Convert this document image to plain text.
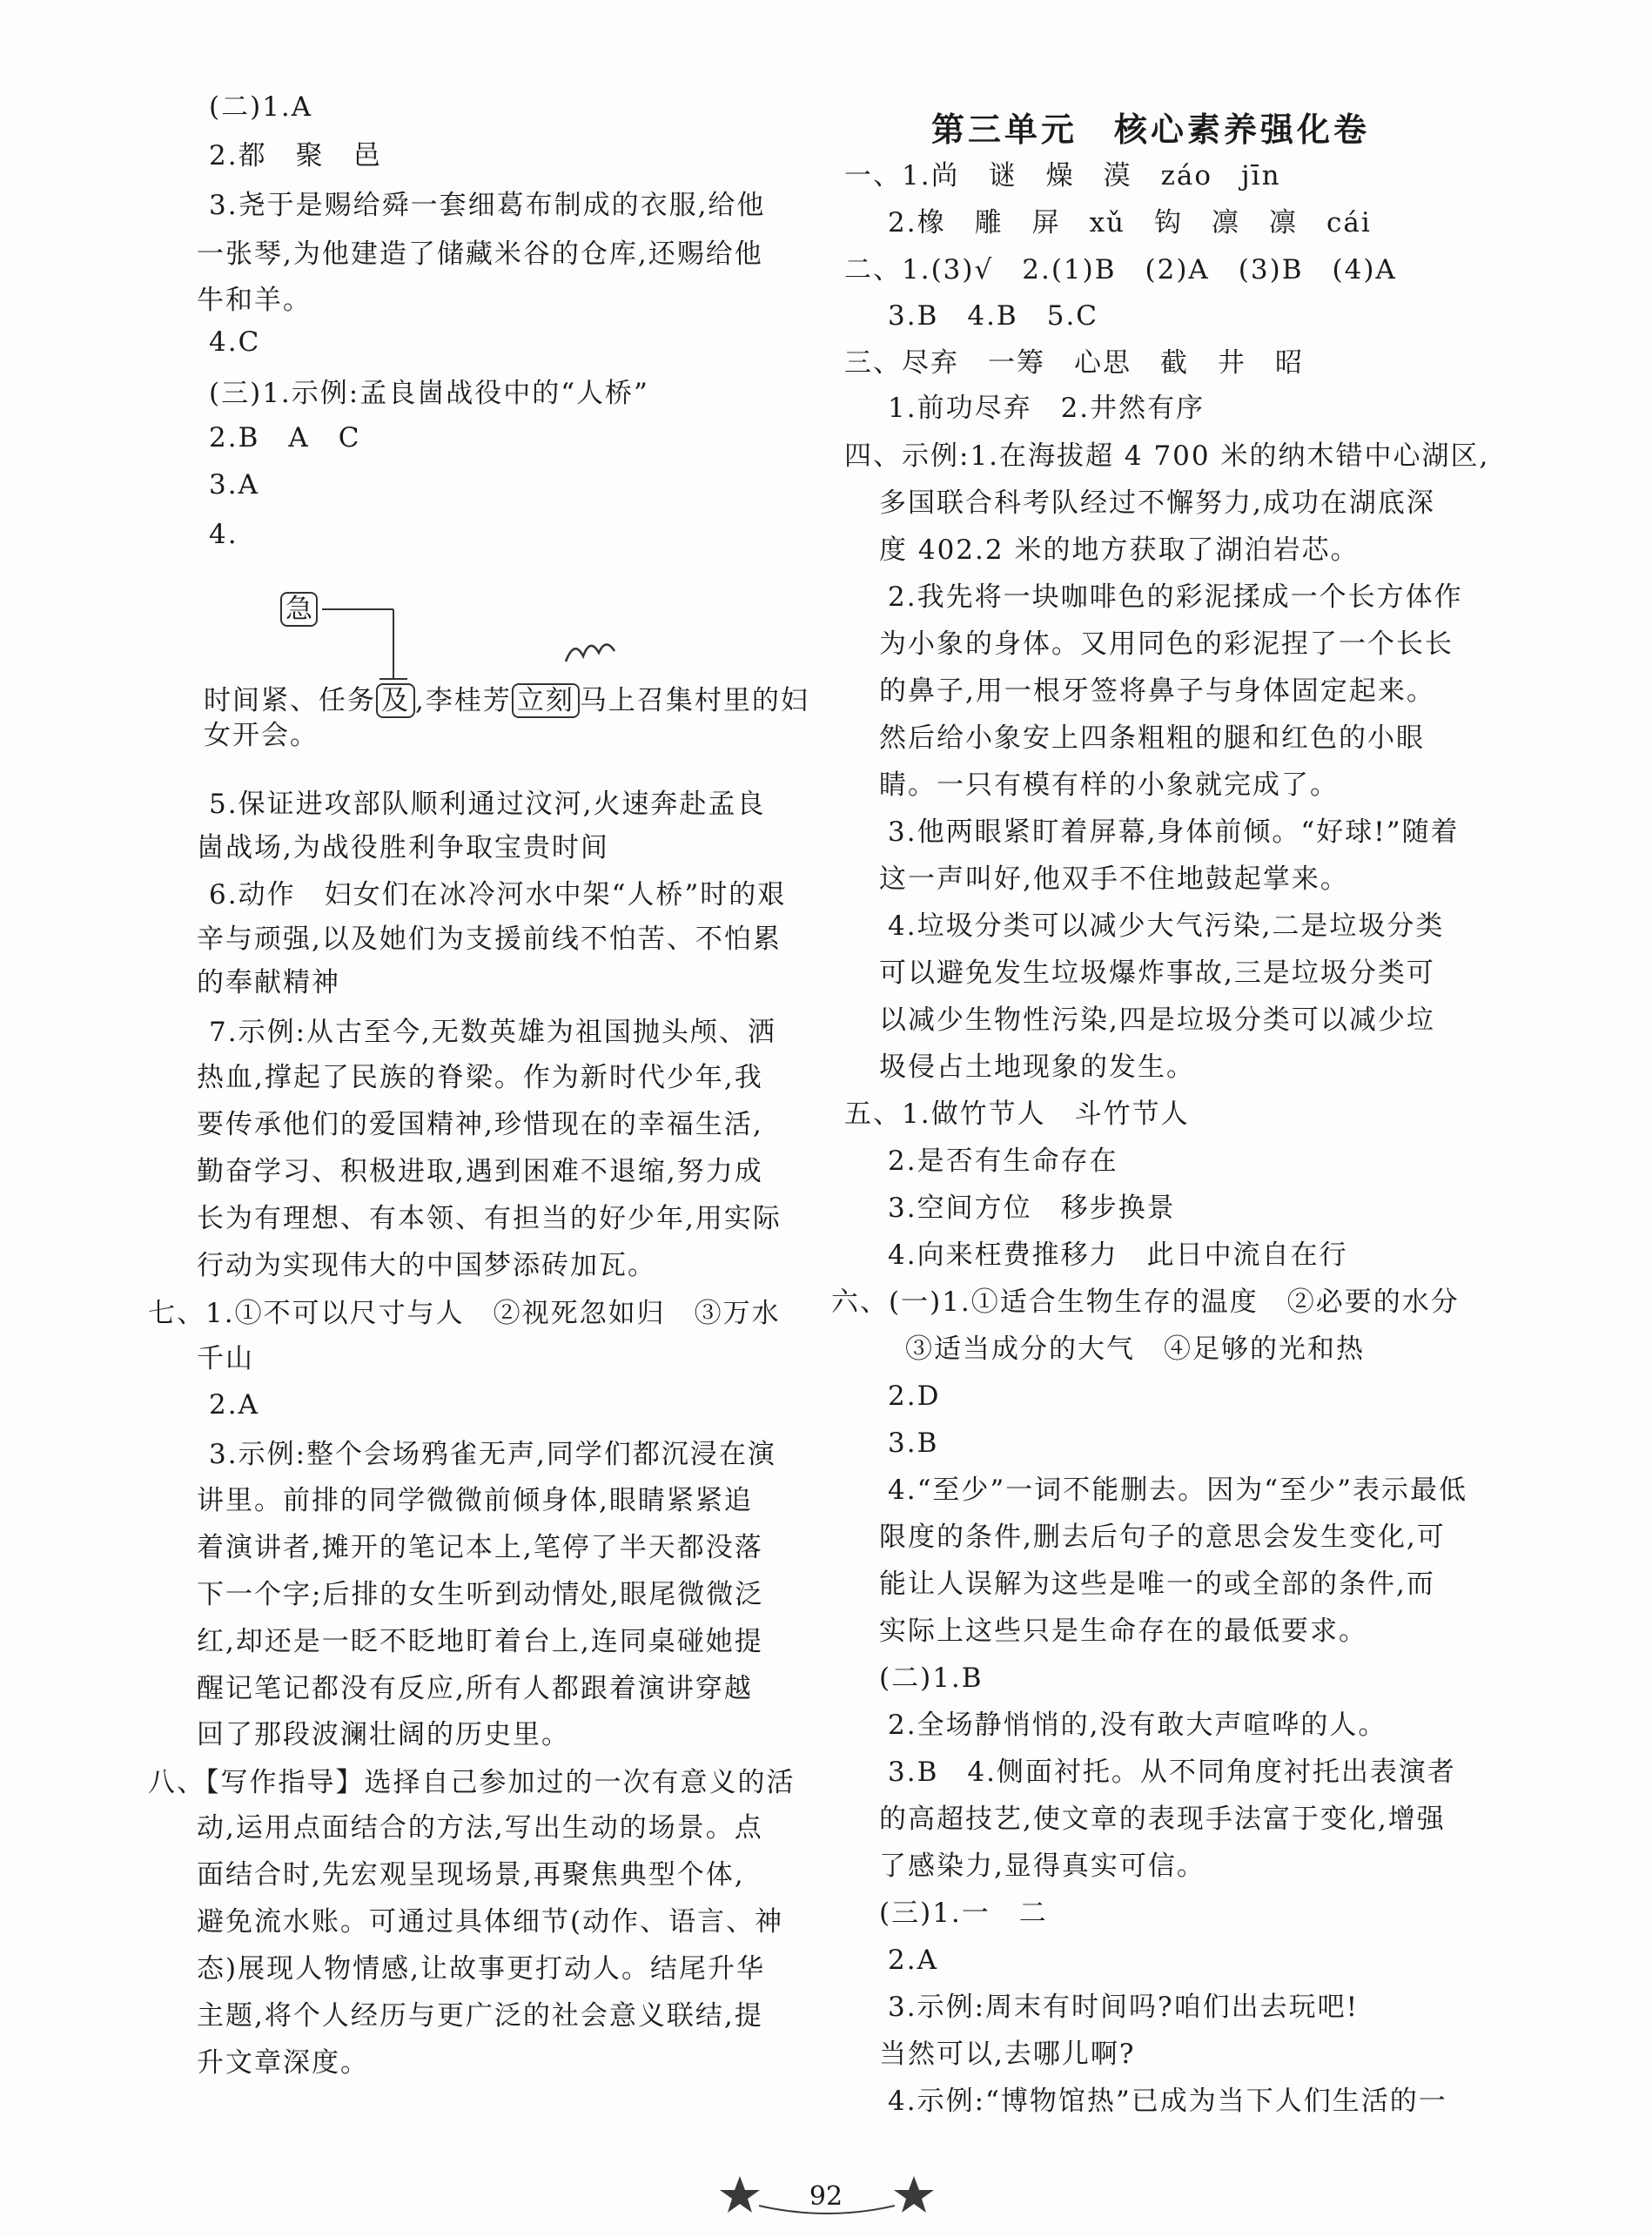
(二)1.A
2.都　聚　邑
3.尧于是赐给舜一套细葛布制成的衣服,给他
一张琴,为他建造了储藏米谷的仓库,还赐给他
牛和羊。
4.C
(三)1.示例:孟良崮战役中的“人桥”
2.B　A　C
3.A
4.
急
时间紧、任务 及 ,李桂芳 立刻 马上召集村里的妇
女开会。
5.保证进攻部队顺利通过汶河,火速奔赴孟良
崮战场,为战役胜利争取宝贵时间
6.动作　妇女们在冰冷河水中架“人桥”时的艰
辛与顽强,以及她们为支援前线不怕苦、不怕累
的奉献精神
7.示例:从古至今,无数英雄为祖国抛头颅、洒
热血,撑起了民族的脊梁。作为新时代少年,我
要传承他们的爱国精神,珍惜现在的幸福生活,
勤奋学习、积极进取,遇到困难不退缩,努力成
长为有理想、有本领、有担当的好少年,用实际
行动为实现伟大的中国梦添砖加瓦。
七、1.①不可以尺寸与人　②视死忽如归　③万水
千山
2.A
3.示例:整个会场鸦雀无声,同学们都沉浸在演
讲里。前排的同学微微前倾身体,眼睛紧紧追
着演讲者,摊开的笔记本上,笔停了半天都没落
下一个字;后排的女生听到动情处,眼尾微微泛
红,却还是一眨不眨地盯着台上,连同桌碰她提
醒记笔记都没有反应,所有人都跟着演讲穿越
回了那段波澜壮阔的历史里。
八、【写作指导】选择自己参加过的一次有意义的活
动,运用点面结合的方法,写出生动的场景。点
面结合时,先宏观呈现场景,再聚焦典型个体,
避免流水账。可通过具体细节(动作、语言、神
态)展现人物情感,让故事更打动人。结尾升华
主题,将个人经历与更广泛的社会意义联结,提
升文章深度。
第三单元　核心素养强化卷
一、1.尚　谜　燥　漠　záo　jīn
2.橡　雕　屏　xǔ　钩　凛　凛　cái
二、1.(3)√　2.(1)B　(2)A　(3)B　(4)A
3.B　4.B　5.C
三、尽弃　一筹　心思　截　井　昭
1.前功尽弃　2.井然有序
四、示例:1.在海拔超 4 700 米的纳木错中心湖区,
多国联合科考队经过不懈努力,成功在湖底深
度 402.2 米的地方获取了湖泊岩芯。
2.我先将一块咖啡色的彩泥揉成一个长方体作
为小象的身体。又用同色的彩泥捏了一个长长
的鼻子,用一根牙签将鼻子与身体固定起来。
然后给小象安上四条粗粗的腿和红色的小眼
睛。一只有模有样的小象就完成了。
3.他两眼紧盯着屏幕,身体前倾。“好球!”随着
这一声叫好,他双手不住地鼓起掌来。
4.垃圾分类可以减少大气污染,二是垃圾分类
可以避免发生垃圾爆炸事故,三是垃圾分类可
以减少生物性污染,四是垃圾分类可以减少垃
圾侵占土地现象的发生。
五、1.做竹节人　斗竹节人
2.是否有生命存在
3.空间方位　移步换景
4.向来枉费推移力　此日中流自在行
六、(一)1.①适合生物生存的温度　②必要的水分
③适当成分的大气　④足够的光和热
2.D
3.B
4.“至少”一词不能删去。因为“至少”表示最低
限度的条件,删去后句子的意思会发生变化,可
能让人误解为这些是唯一的或全部的条件,而
实际上这些只是生命存在的最低要求。
(二)1.B
2.全场静悄悄的,没有敢大声喧哗的人。
3.B　4.侧面衬托。从不同角度衬托出表演者
的高超技艺,使文章的表现手法富于变化,增强
了感染力,显得真实可信。
(三)1.一　二
2.A
3.示例:周末有时间吗?咱们出去玩吧!
当然可以,去哪儿啊?
4.示例:“博物馆热”已成为当下人们生活的一
92
